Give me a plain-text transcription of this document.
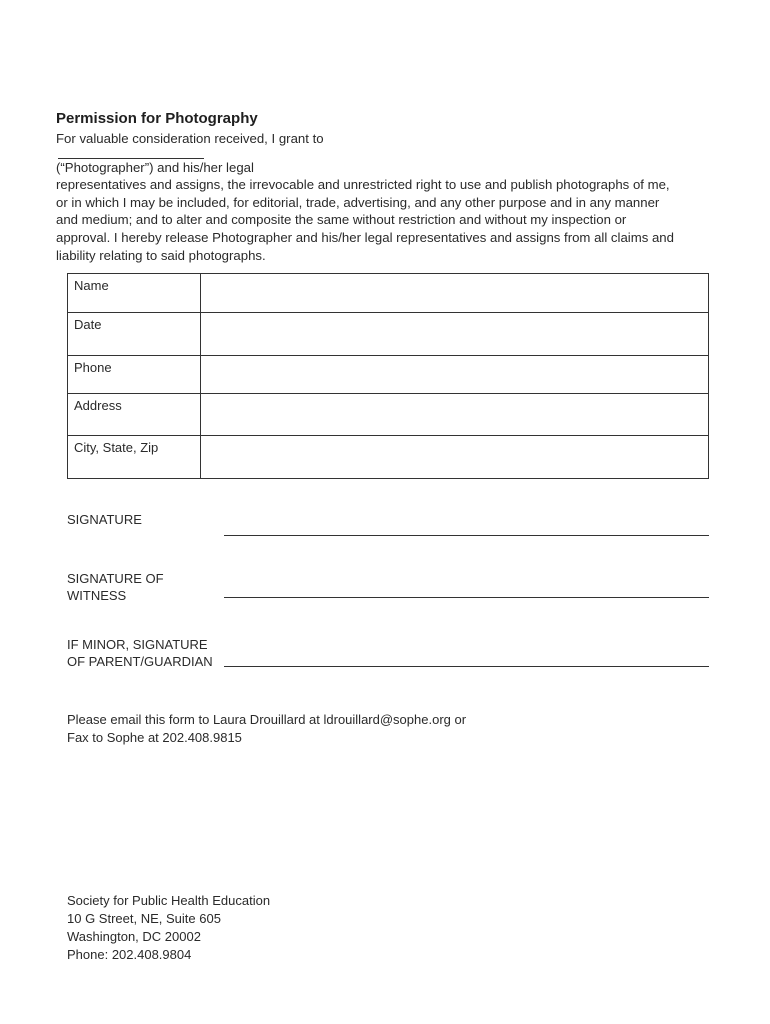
Permission for Photography
For valuable consideration received, I grant to
(“Photographer”) and his/her legal
representatives and assigns, the irrevocable and unrestricted right to use and publish photographs of me,
or in which I may be included, for editorial, trade, advertising, and any other purpose and in any manner
and medium; and to alter and composite the same without restriction and without my inspection or
approval. I hereby release Photographer and his/her legal representatives and assigns from all claims and
liability relating to said photographs.
Name	
Date	
Phone	
Address	
City, State, Zip	
SIGNATURE
SIGNATURE OF
WITNESS
IF MINOR, SIGNATURE
OF PARENT/GUARDIAN
Please email this form to Laura Drouillard at ldrouillard@sophe.org or
Fax to Sophe at 202.408.9815
Society for Public Health Education
10 G Street, NE, Suite 605
Washington, DC 20002
Phone: 202.408.9804
